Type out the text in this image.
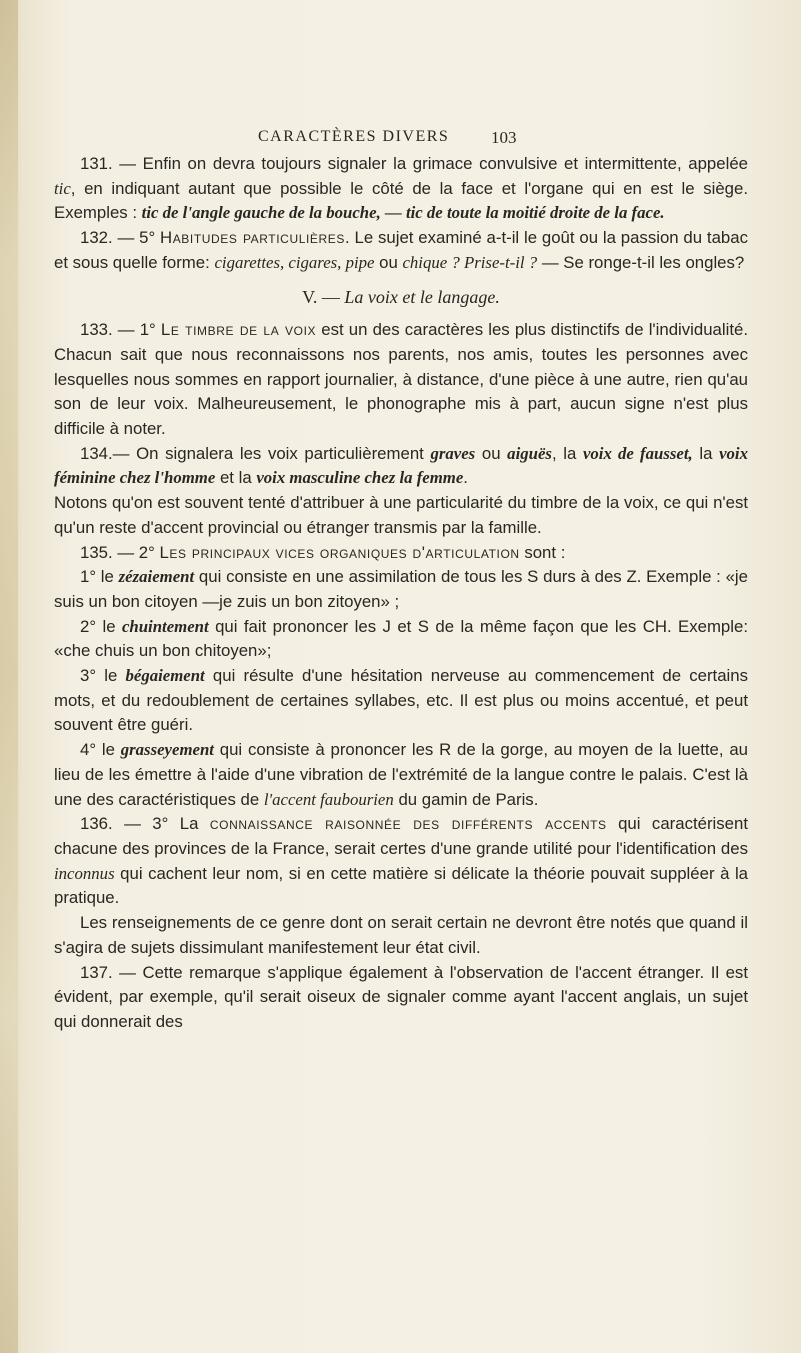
CARACTÈRES DIVERS 103

131. — Enfin on devra toujours signaler la grimace convulsive et intermittente, appelée tic, en indiquant autant que possible le côté de la face et l'organe qui en est le siège. Exemples : tic de l'angle gauche de la bouche, — tic de toute la moitié droite de la face.

132. — 5° Habitudes particulières. Le sujet examiné a-t-il le goût ou la passion du tabac et sous quelle forme: cigarettes, cigares, pipe ou chique ? Prise-t-il ? — Se ronge-t-il les ongles?

V. — La voix et le langage.

133. — 1° Le timbre de la voix est un des caractères les plus distinctifs de l'individualité. Chacun sait que nous reconnaissons nos parents, nos amis, toutes les personnes avec lesquelles nous sommes en rapport journalier, à distance, d'une pièce à une autre, rien qu'au son de leur voix. Malheureusement, le phonographe mis à part, aucun signe n'est plus difficile à noter.

134.— On signalera les voix particulièrement graves ou aiguës, la voix de fausset, la voix féminine chez l'homme et la voix masculine chez la femme.

Notons qu'on est souvent tenté d'attribuer à une particularité du timbre de la voix, ce qui n'est qu'un reste d'accent provincial ou étranger transmis par la famille.

135. — 2° Les principaux vices organiques d'articulation sont :

1° le zézaiement qui consiste en une assimilation de tous les S durs à des Z. Exemple : «je suis un bon citoyen —je zuis un bon zitoyen» ;

2° le chuintement qui fait prononcer les J et S de la même façon que les CH. Exemple: «che chuis un bon chitoyen»;

3° le bégaiement qui résulte d'une hésitation nerveuse au commencement de certains mots, et du redoublement de certaines syllabes, etc. Il est plus ou moins accentué, et peut souvent être guéri.

4° le grasseyement qui consiste à prononcer les R de la gorge, au moyen de la luette, au lieu de les émettre à l'aide d'une vibration de l'extrémité de la langue contre le palais. C'est là une des caractéristiques de l'accent faubourien du gamin de Paris.

136. — 3° La connaissance raisonnée des différents accents qui caractérisent chacune des provinces de la France, serait certes d'une grande utilité pour l'identification des inconnus qui cachent leur nom, si en cette matière si délicate la théorie pouvait suppléer à la pratique.

Les renseignements de ce genre dont on serait certain ne devront être notés que quand il s'agira de sujets dissimulant manifestement leur état civil.

137. — Cette remarque s'applique également à l'observation de l'accent étranger. Il est évident, par exemple, qu'il serait oiseux de signaler comme ayant l'accent anglais, un sujet qui donnerait des
